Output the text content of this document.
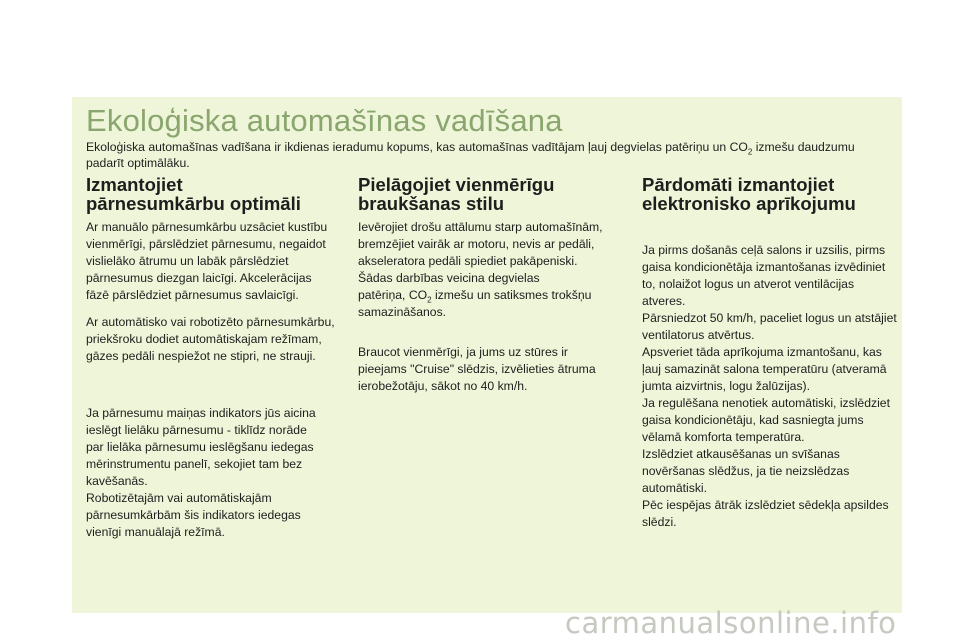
Ekoloģiska automašīnas vadīšana

Ekoloģiska automašīnas vadīšana ir ikdienas ieradumu kopums, kas automašīnas vadītājam ļauj degvielas patēriņu un $CO_2$ izmešu daudzumu
padarīt optimālāku.

Izmantojiet
pārnesumkārbu optimāli

Ar manuālo pārnesumkārbu uzsāciet kustību
vienmērīgi, pārslēdziet pārnesumu, negaidot
vislielāko ātrumu un labāk pārslēdziet
pārnesumus diezgan laicīgi. Akcelerācijas
fāzē pārslēdziet pārnesumus savlaicīgi.

Ar automātisko vai robotizēto pārnesumkārbu,
priekšroku dodiet automātiskajam režīmam,
gāzes pedāli nespiežot ne stipri, ne strauji.

Ja pārnesumu maiņas indikators jūs aicina
ieslēgt lielāku pārnesumu - tiklīdz norāde
par lielāka pārnesumu ieslēgšanu iedegas
mērinstrumentu panelī, sekojiet tam bez
kavēšanās.
Robotizētajām vai automātiskajām
pārnesumkārbām šis indikators iedegas
vienīgi manuālajā režīmā.

Pielāgojiet vienmērīgu
braukšanas stilu

Ievērojiet drošu attālumu starp automašīnām,
bremzējiet vairāk ar motoru, nevis ar pedāli,
akseleratora pedāli spiediet pakāpeniski.
Šādas darbības veicina degvielas
patēriņa, $CO_2$ izmešu un satiksmes trokšņu
samazināšanos.

Braucot vienmērīgi, ja jums uz stūres ir
pieejams "Cruise" slēdzis, izvēlieties ātruma
ierobežotāju, sākot no 40 km/h.

Pārdomāti izmantojiet
elektronisko aprīkojumu

Ja pirms došanās ceļā salons ir uzsilis, pirms
gaisa kondicionētāja izmantošanas izvēdiniet
to, nolaižot logus un atverot ventilācijas
atveres.
Pārsniedzot 50 km/h, paceliet logus un atstājiet
ventilatorus atvērtus.
Apsveriet tāda aprīkojuma izmantošanu, kas
ļauj samazināt salona temperatūru (atveramā
jumta aizvirtnis, logu žalūzijas).
Ja regulēšana nenotiek automātiski, izslēdziet
gaisa kondicionētāju, kad sasniegta jums
vēlamā komforta temperatūra.
Izslēdziet atkausēšanas un svīšanas
novēršanas slēdžus, ja tie neizslēdzas
automātiski.
Pēc iespējas ātrāk izslēdziet sēdekļa apsildes
slēdzi.

carmanualsonline.info
